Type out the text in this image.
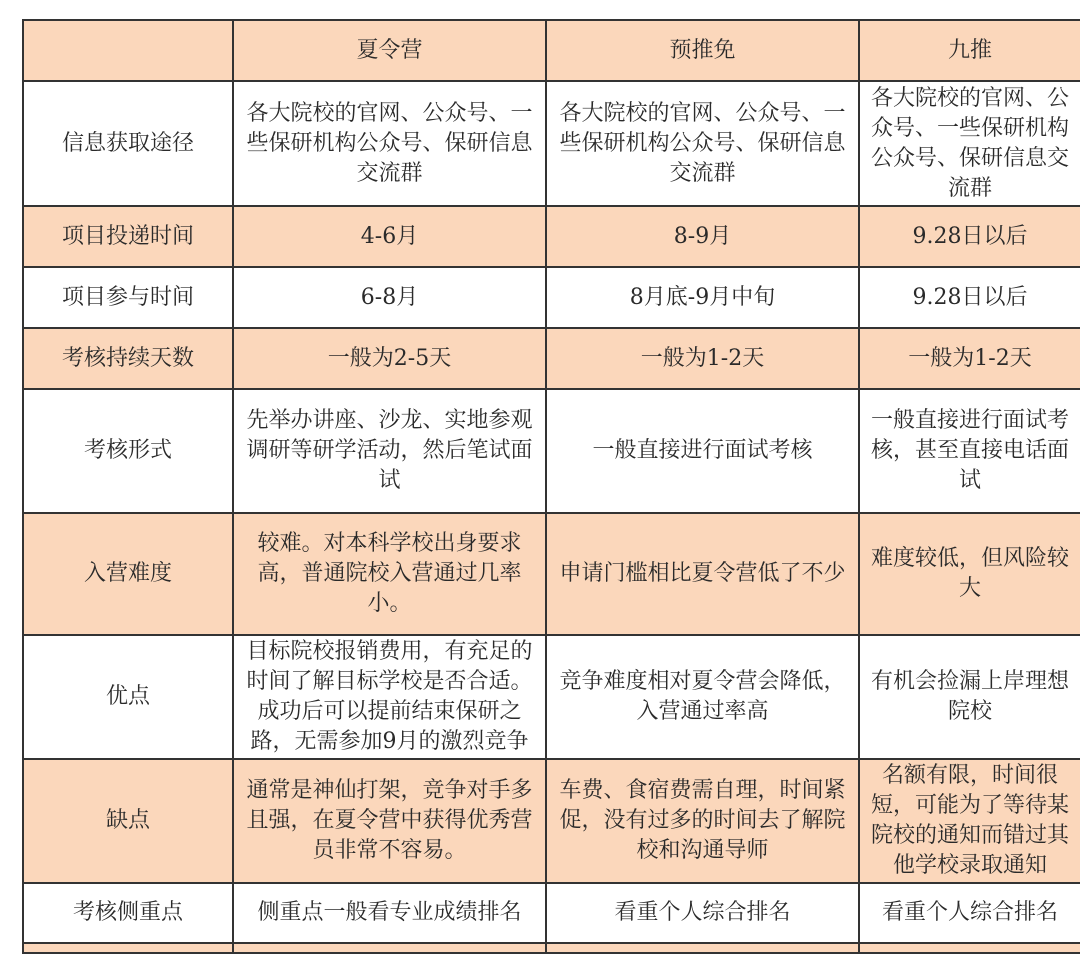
	夏令营	预推免	九推
信息获取途径	各大院校的官网、公众号、一些保研机构公众号、保研信息交流群	各大院校的官网、公众号、一些保研机构公众号、保研信息交流群	各大院校的官网、公众号、一些保研机构公众号、保研信息交流群
项目投递时间	4-6月	8-9月	9.28日以后
项目参与时间	6-8月	8月底-9月中旬	9.28日以后
考核持续天数	一般为2-5天	一般为1-2天	一般为1-2天
考核形式	先举办讲座、沙龙、实地参观调研等研学活动，然后笔试面试	一般直接进行面试考核	一般直接进行面试考核，甚至直接电话面试
入营难度	较难。对本科学校出身要求高，普通院校入营通过几率小。	申请门槛相比夏令营低了不少	难度较低，但风险较大
优点	目标院校报销费用，有充足的时间了解目标学校是否合适。成功后可以提前结束保研之路，无需参加9月的激烈竞争	竞争难度相对夏令营会降低，入营通过率高	有机会捡漏上岸理想院校
缺点	通常是神仙打架，竞争对手多且强，在夏令营中获得优秀营员非常不容易。	车费、食宿费需自理，时间紧促，没有过多的时间去了解院校和沟通导师	名额有限，时间很短，可能为了等待某院校的通知而错过其他学校录取通知
考核侧重点	侧重点一般看专业成绩排名	看重个人综合排名	看重个人综合排名
